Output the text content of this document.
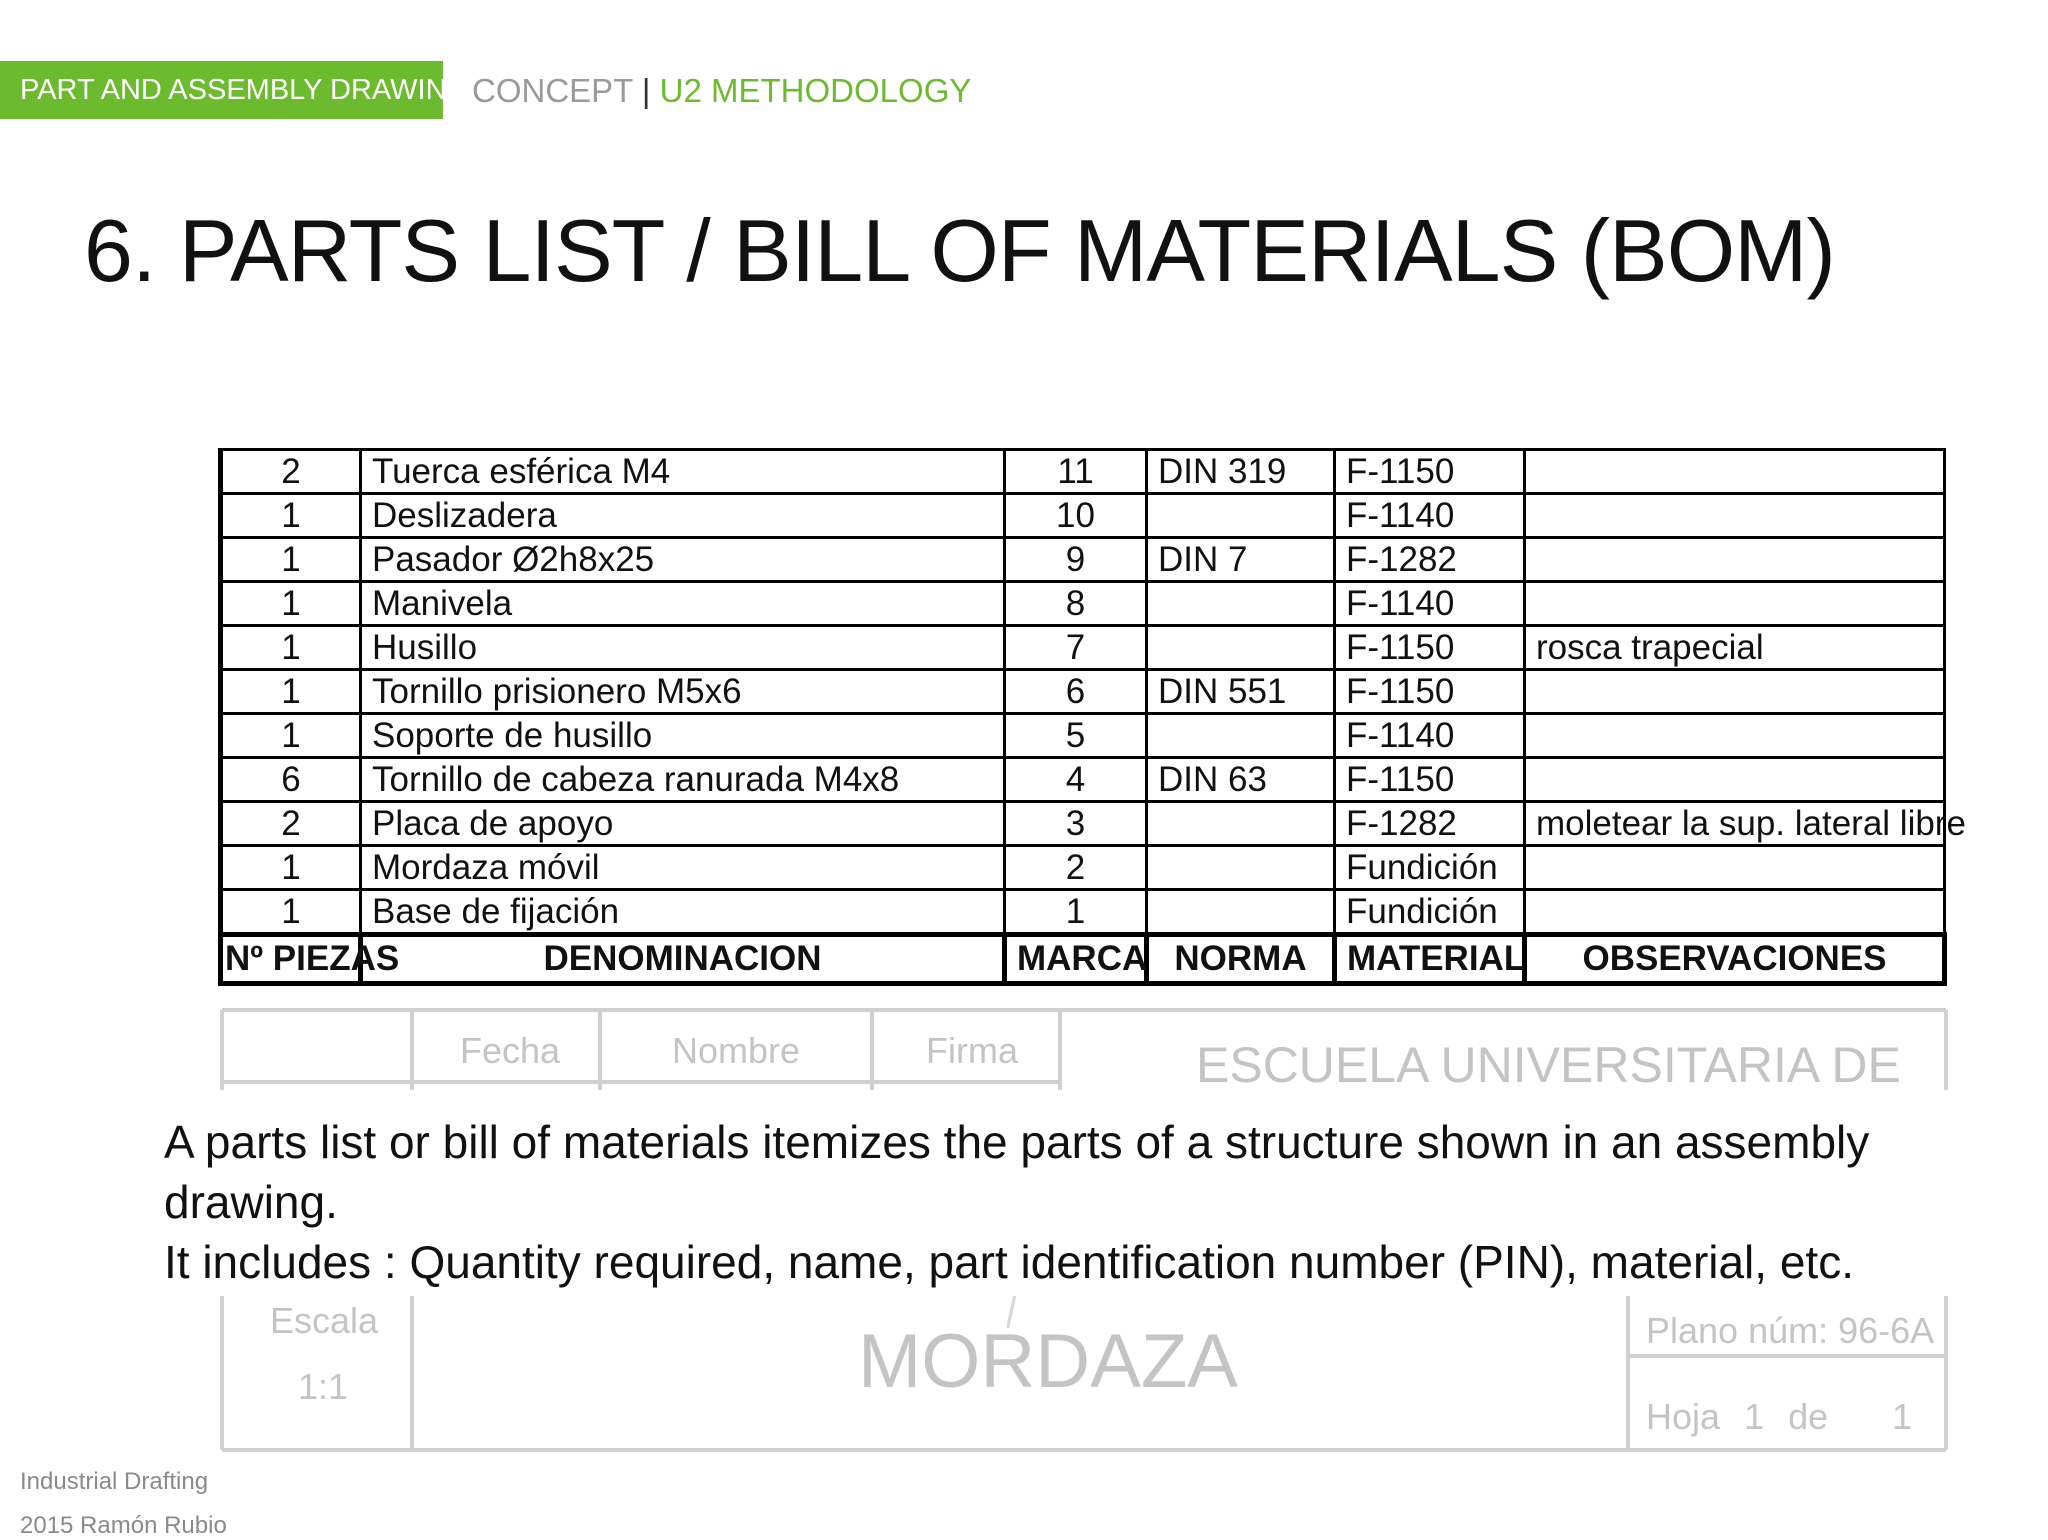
PART AND ASSEMBLY DRAWING CONCEPT | U2 METHODOLOGY
6. PARTS LIST / BILL OF MATERIALS (BOM)
Fecha	Nombre	Firma	ESCUELA UNIVERSITARIA DE
Escala
1:1	MORDAZA	Plano núm: 96-6A
Hoja 1 de 1
2	Tuerca esférica M4	11	DIN 319	F-1150	
1	Deslizadera	10		F-1140	
1	Pasador Ø2h8x25	9	DIN 7	F-1282	
1	Manivela	8		F-1140	
1	Husillo	7		F-1150	rosca trapecial
1	Tornillo prisionero M5x6	6	DIN 551	F-1150	
1	Soporte de husillo	5		F-1140	
6	Tornillo de cabeza ranurada M4x8	4	DIN 63	F-1150	
2	Placa de apoyo	3		F-1282	moletear la sup. lateral libre
1	Mordaza móvil	2		Fundición	
1	Base de fijación	1		Fundición	
Nº PIEZAS	DENOMINACION	MARCA	NORMA	MATERIAL	OBSERVACIONES
A parts list or bill of materials itemizes the parts of a structure shown in an assembly drawing.
It includes : Quantity required, name, part identification number (PIN), material, etc.
Industrial Drafting
2015 Ramón Rubio
